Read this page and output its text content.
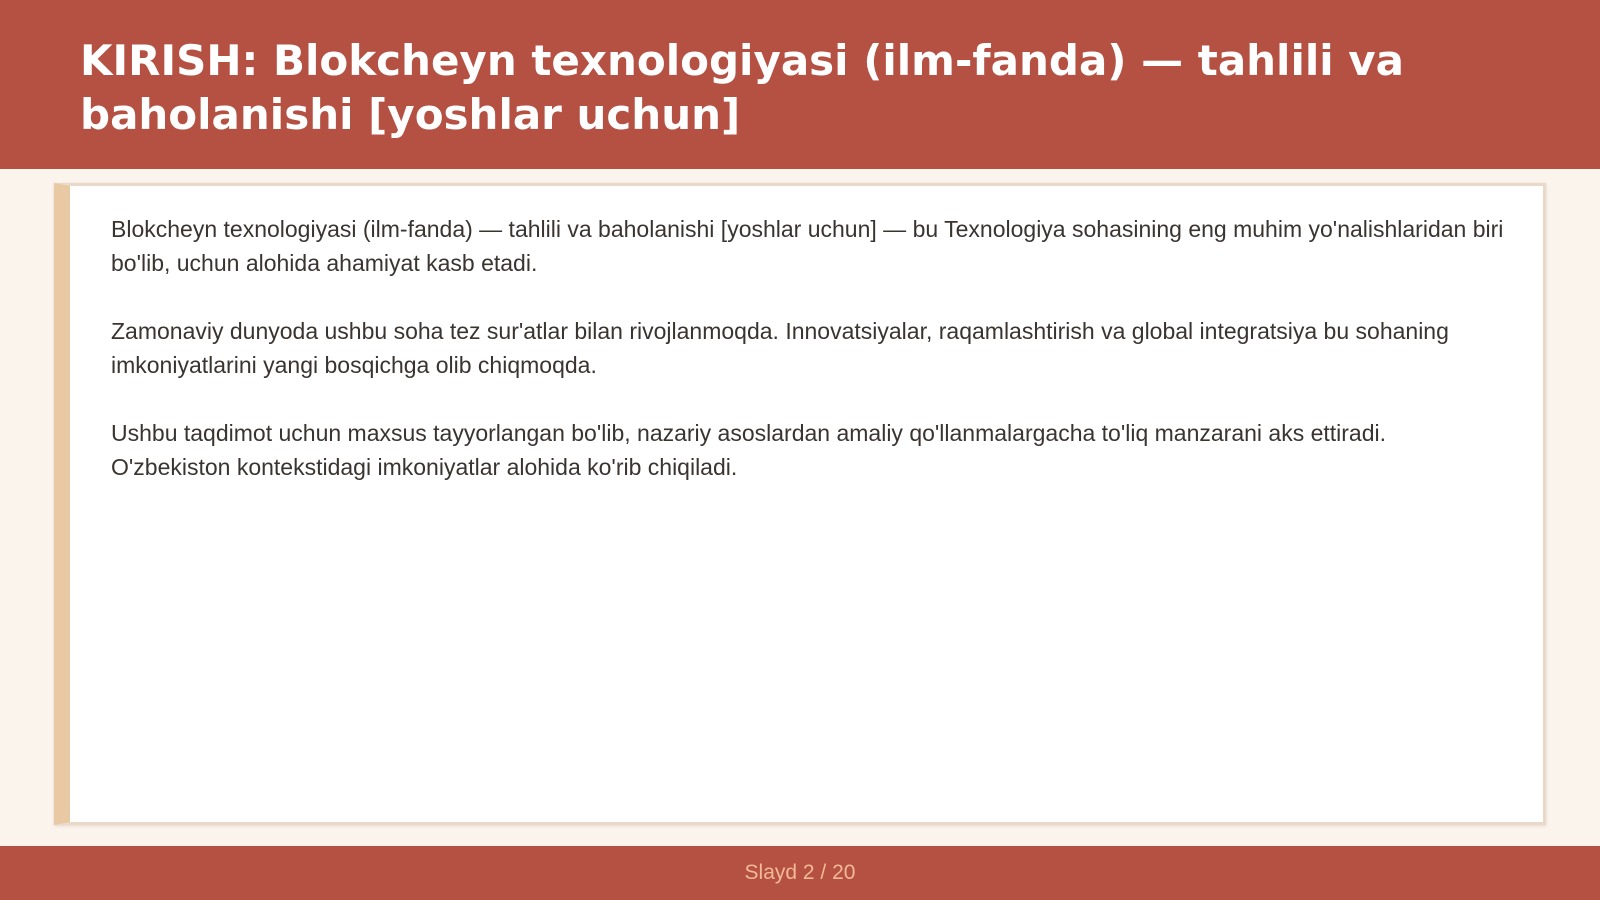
KIRISH: Blokcheyn texnologiyasi (ilm-fanda) — tahlili va baholanishi [yoshlar uchun]

Blokcheyn texnologiyasi (ilm-fanda) — tahlili va baholanishi [yoshlar uchun] — bu Texnologiya sohasining eng muhim yo'nalishlaridan biri bo'lib, uchun alohida ahamiyat kasb etadi.

Zamonaviy dunyoda ushbu soha tez sur'atlar bilan rivojlanmoqda. Innovatsiyalar, raqamlashtirish va global integratsiya bu sohaning imkoniyatlarini yangi bosqichga olib chiqmoqda.

Ushbu taqdimot uchun maxsus tayyorlangan bo'lib, nazariy asoslardan amaliy qo'llanmalargacha to'liq manzarani aks ettiradi. O'zbekiston kontekstidagi imkoniyatlar alohida ko'rib chiqiladi.

Slayd 2 / 20
